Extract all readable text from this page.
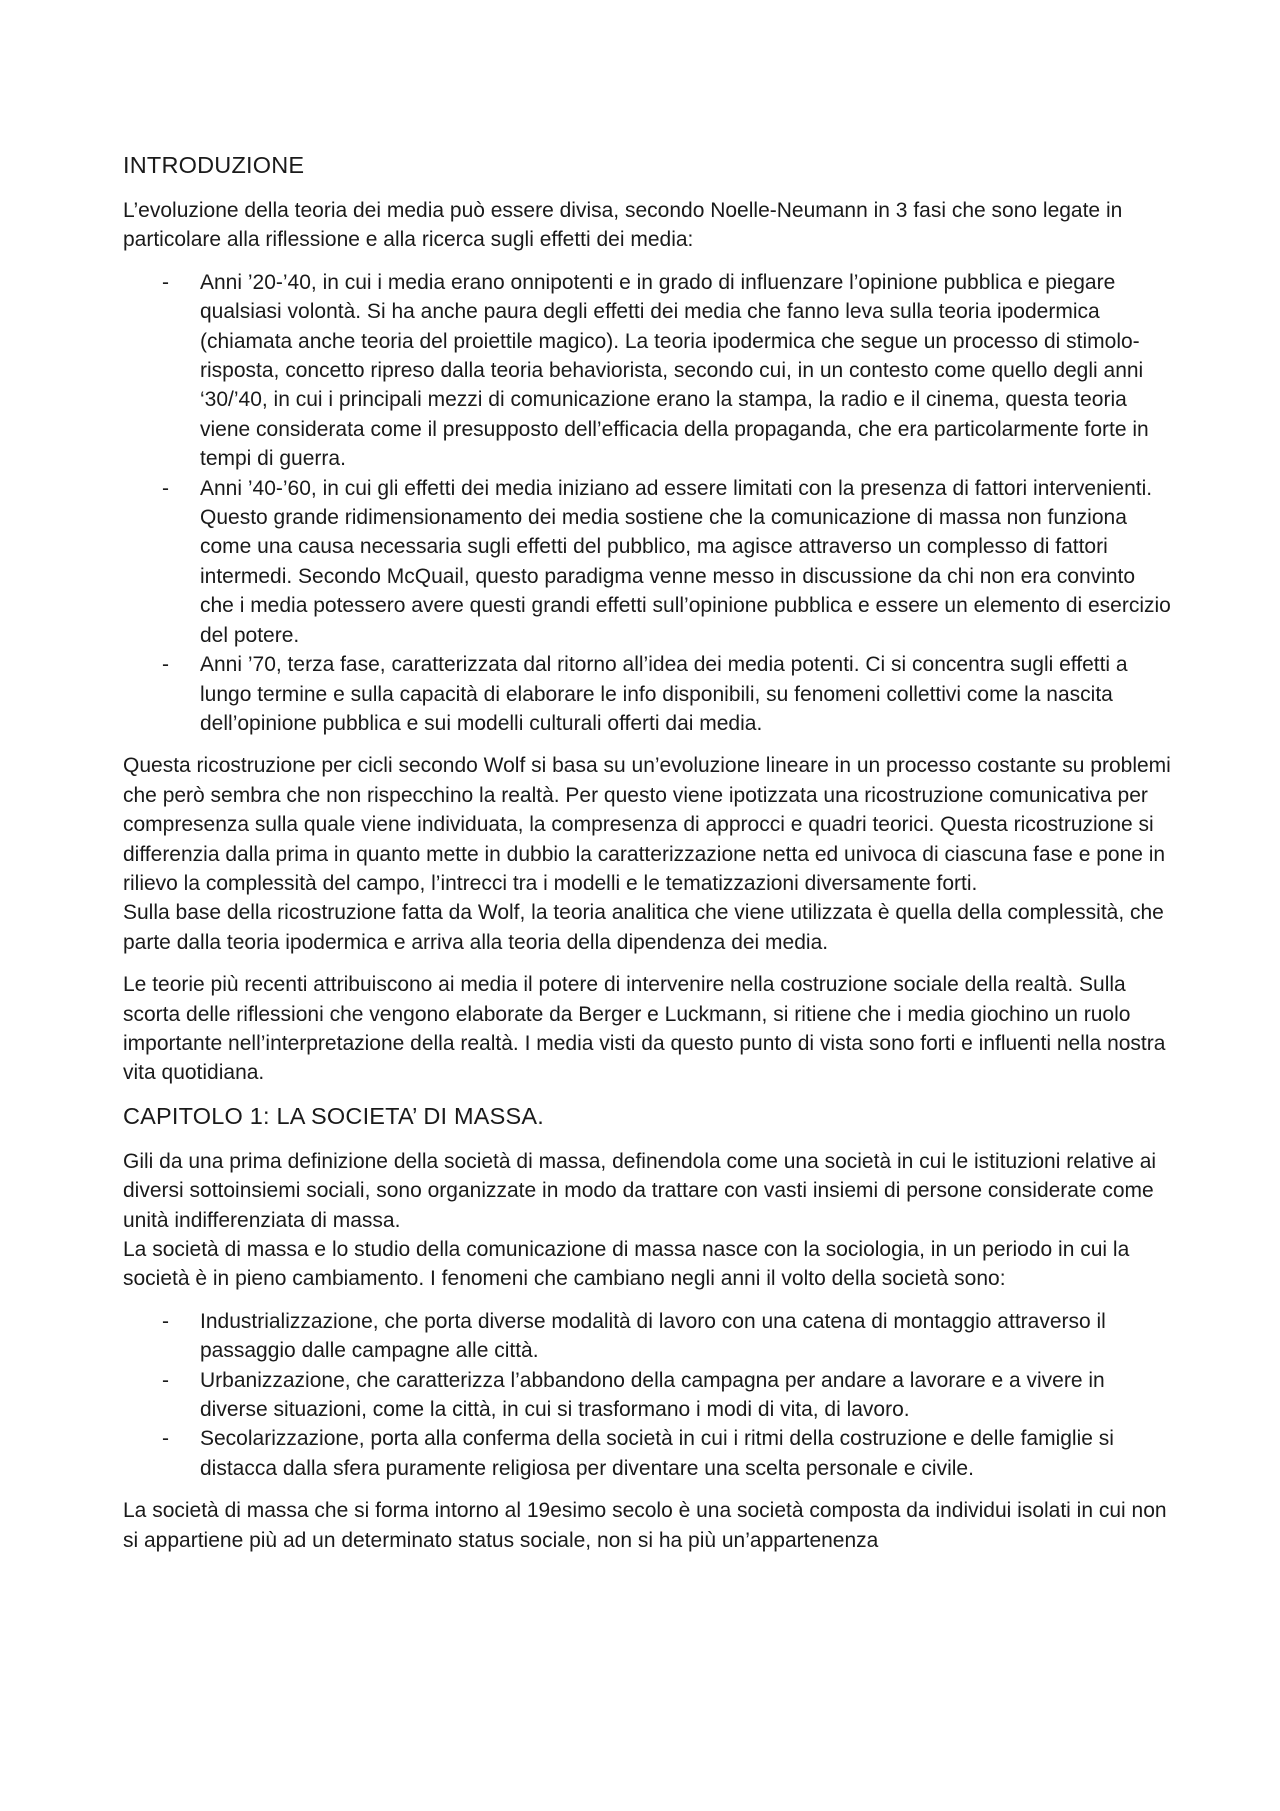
INTRODUZIONE

L’evoluzione della teoria dei media può essere divisa, secondo Noelle-Neumann in 3 fasi che sono legate in particolare alla riflessione e alla ricerca sugli effetti dei media:

- Anni ’20-’40, in cui i media erano onnipotenti e in grado di influenzare l’opinione pubblica e piegare qualsiasi volontà. Si ha anche paura degli effetti dei media che fanno leva sulla teoria ipodermica (chiamata anche teoria del proiettile magico). La teoria ipodermica che segue un processo di stimolo-risposta, concetto ripreso dalla teoria behaviorista, secondo cui, in un contesto come quello degli anni ‘30/’40, in cui i principali mezzi di comunicazione erano la stampa, la radio e il cinema, questa teoria viene considerata come il presupposto dell’efficacia della propaganda, che era particolarmente forte in tempi di guerra.
- Anni ’40-’60, in cui gli effetti dei media iniziano ad essere limitati con la presenza di fattori intervenienti. Questo grande ridimensionamento dei media sostiene che la comunicazione di massa non funziona come una causa necessaria sugli effetti del pubblico, ma agisce attraverso un complesso di fattori intermedi. Secondo McQuail, questo paradigma venne messo in discussione da chi non era convinto che i media potessero avere questi grandi effetti sull’opinione pubblica e essere un elemento di esercizio del potere.
- Anni ’70, terza fase, caratterizzata dal ritorno all’idea dei media potenti. Ci si concentra sugli effetti a lungo termine e sulla capacità di elaborare le info disponibili, su fenomeni collettivi come la nascita dell’opinione pubblica e sui modelli culturali offerti dai media.

Questa ricostruzione per cicli secondo Wolf si basa su un’evoluzione lineare in un processo costante su problemi che però sembra che non rispecchino la realtà. Per questo viene ipotizzata una ricostruzione comunicativa per compresenza sulla quale viene individuata, la compresenza di approcci e quadri teorici. Questa ricostruzione si differenzia dalla prima in quanto mette in dubbio la caratterizzazione netta ed univoca di ciascuna fase e pone in rilievo la complessità del campo, l’intrecci tra i modelli e le tematizzazioni diversamente forti.

Sulla base della ricostruzione fatta da Wolf, la teoria analitica che viene utilizzata è quella della complessità, che parte dalla teoria ipodermica e arriva alla teoria della dipendenza dei media.

Le teorie più recenti attribuiscono ai media il potere di intervenire nella costruzione sociale della realtà. Sulla scorta delle riflessioni che vengono elaborate da Berger e Luckmann, si ritiene che i media giochino un ruolo importante nell’interpretazione della realtà. I media visti da questo punto di vista sono forti e influenti nella nostra vita quotidiana.

CAPITOLO 1: LA SOCIETA’ DI MASSA.

Gili da una prima definizione della società di massa, definendola come una società in cui le istituzioni relative ai diversi sottoinsiemi sociali, sono organizzate in modo da trattare con vasti insiemi di persone considerate come unità indifferenziata di massa.

La società di massa e lo studio della comunicazione di massa nasce con la sociologia, in un periodo in cui la società è in pieno cambiamento. I fenomeni che cambiano negli anni il volto della società sono:

- Industrializzazione, che porta diverse modalità di lavoro con una catena di montaggio attraverso il passaggio dalle campagne alle città.
- Urbanizzazione, che caratterizza l’abbandono della campagna per andare a lavorare e a vivere in diverse situazioni, come la città, in cui si trasformano i modi di vita, di lavoro.
- Secolarizzazione, porta alla conferma della società in cui i ritmi della costruzione e delle famiglie si distacca dalla sfera puramente religiosa per diventare una scelta personale e civile.

La società di massa che si forma intorno al 19esimo secolo è una società composta da individui isolati in cui non si appartiene più ad un determinato status sociale, non si ha più un’appartenenza
